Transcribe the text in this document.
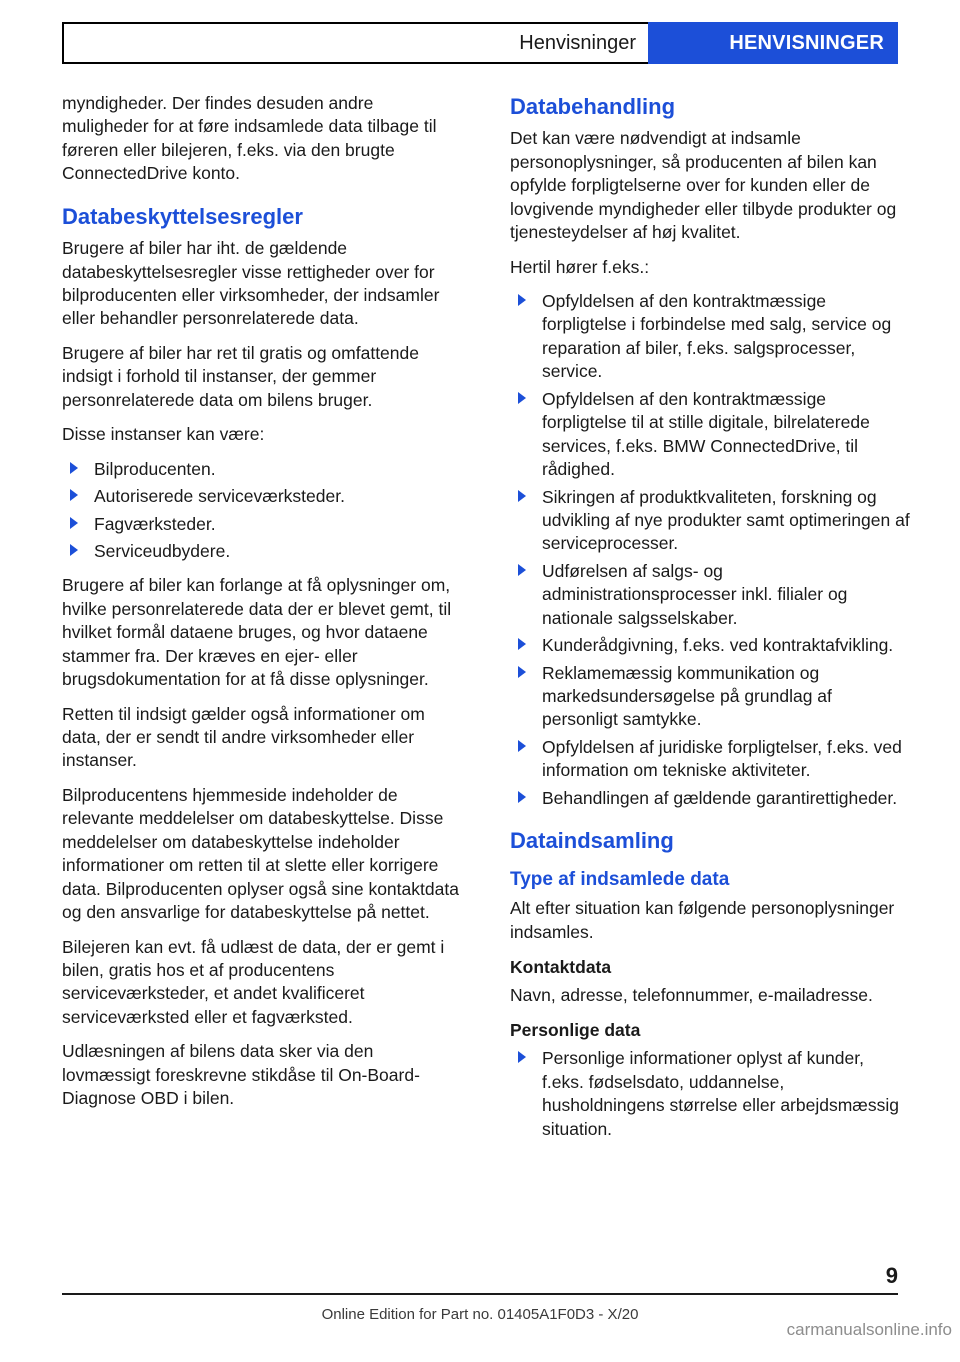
Henvisninger	HENVISNINGER

myndigheder. Der findes desuden andre muligheder for at føre indsamlede data tilbage til føreren eller bilejeren, f.eks. via den brugte ConnectedDrive konto.

Databeskyttelsesregler

Brugere af biler har iht. de gældende databeskyttelsesregler visse rettigheder over for bilproducenten eller virksomheder, der indsamler eller behandler personrelaterede data.

Brugere af biler har ret til gratis og omfattende indsigt i forhold til instanser, der gemmer personrelaterede data om bilens bruger.

Disse instanser kan være:

Bilproducenten.
Autoriserede serviceværksteder.
Fagværksteder.
Serviceudbydere.

Brugere af biler kan forlange at få oplysninger om, hvilke personrelaterede data der er blevet gemt, til hvilket formål dataene bruges, og hvor dataene stammer fra. Der kræves en ejer- eller brugsdokumentation for at få disse oplysninger.

Retten til indsigt gælder også informationer om data, der er sendt til andre virksomheder eller instanser.

Bilproducentens hjemmeside indeholder de relevante meddelelser om databeskyttelse. Disse meddelelser om databeskyttelse indeholder informationer om retten til at slette eller korrigere data. Bilproducenten oplyser også sine kontaktdata og den ansvarlige for databeskyttelse på nettet.

Bilejeren kan evt. få udlæst de data, der er gemt i bilen, gratis hos et af producentens serviceværksteder, et andet kvalificeret serviceværksted eller et fagværksted.

Udlæsningen af bilens data sker via den lovmæssigt foreskrevne stikdåse til On-Board-Diagnose OBD i bilen.

Databehandling

Det kan være nødvendigt at indsamle personoplysninger, så producenten af bilen kan opfylde forpligtelserne over for kunden eller de lovgivende myndigheder eller tilbyde produkter og tjenesteydelser af høj kvalitet.

Hertil hører f.eks.:

Opfyldelsen af den kontraktmæssige forpligtelse i forbindelse med salg, service og reparation af biler, f.eks. salgsprocesser, service.
Opfyldelsen af den kontraktmæssige forpligtelse til at stille digitale, bilrelaterede services, f.eks. BMW ConnectedDrive, til rådighed.
Sikringen af produktkvaliteten, forskning og udvikling af nye produkter samt optimeringen af serviceprocesser.
Udførelsen af salgs- og administrationsprocesser inkl. filialer og nationale salgsselskaber.
Kunderådgivning, f.eks. ved kontraktafvikling.
Reklamemæssig kommunikation og markedsundersøgelse på grundlag af personligt samtykke.
Opfyldelsen af juridiske forpligtelser, f.eks. ved information om tekniske aktiviteter.
Behandlingen af gældende garantirettigheder.
Dataindsamling
Type af indsamlede data

Alt efter situation kan følgende personoplysninger indsamles.

Kontaktdata

Navn, adresse, telefonnummer, e-mailadresse.

Personlige data
Personlige informationer oplyst af kunder, f.eks. fødselsdato, uddannelse, husholdningens størrelse eller arbejdsmæssig situation.
9
Online Edition for Part no. 01405A1F0D3 - X/20
carmanualsonline.info
